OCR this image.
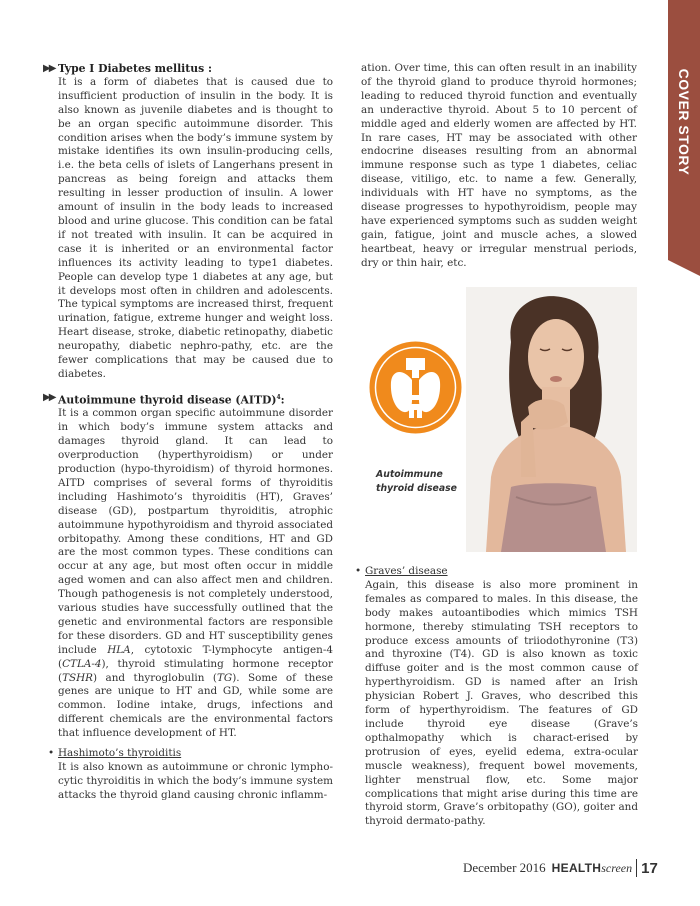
COVER STORY

▶▶ Type I Diabetes mellitus :

It is a form of diabetes that is caused due to insufficient production of insulin in the body. It is also known as juvenile diabetes and is thought to be an organ specific autoimmune disorder. This condition arises when the body’s immune system by mistake identifies its own insulin-producing cells, i.e. the beta cells of islets of Langerhans present in pancreas as being foreign and attacks them resulting in lesser production of insulin. A lower amount of insulin in the body leads to increased blood and urine glucose. This condition can be fatal if not treated with insulin. It can be acquired in case it is inherited or an environmental factor influences its activity leading to type1 diabetes. People can develop type 1 diabetes at any age, but it develops most often in children and adolescents. The typical symptoms are increased thirst, frequent urination, fatigue, extreme hunger and weight loss. Heart disease, stroke, diabetic retinopathy, diabetic neuropathy, diabetic nephro-pathy, etc. are the fewer complications that may be caused due to diabetes.

▶▶ Autoimmune thyroid disease (AITD)$^4$:

It is a common organ specific autoimmune disorder in which body’s immune system attacks and damages thyroid gland. It can lead to overproduction (hyperthyroidism) or under production (hypo-thyroidism) of thyroid hormones. AITD comprises of several forms of thyroiditis including Hashimoto’s thyroiditis (HT), Graves’ disease (GD), postpartum thyroiditis, atrophic autoimmune hypothyroidism and thyroid associated orbitopathy. Among these conditions, HT and GD are the most common types. These conditions can occur at any age, but most often occur in middle aged women and can also affect men and children. Though pathogenesis is not completely understood, various studies have successfully outlined that the genetic and environmental factors are responsible for these disorders. GD and HT susceptibility genes include HLA, cytotoxic T-lymphocyte antigen-4 (CTLA-4), thyroid stimulating hormone receptor (TSHR) and thyroglobulin (TG). Some of these genes are unique to HT and GD, while some are common. Iodine intake, drugs, infections and different chemicals are the environmental factors that influence development of HT.

• Hashimoto’s thyroiditis

It is also known as autoimmune or chronic lympho-cytic thyroiditis in which the body’s immune system attacks the thyroid gland causing chronic inflamm-

ation. Over time, this can often result in an inability of the thyroid gland to produce thyroid hormones; leading to reduced thyroid function and eventually an underactive thyroid. About 5 to 10 percent of middle aged and elderly women are affected by HT. In rare cases, HT may be associated with other endocrine diseases resulting from an abnormal immune response such as type 1 diabetes, celiac disease, vitiligo, etc. to name a few. Generally, individuals with HT have no symptoms, as the disease progresses to hypothyroidism, people may have experienced symptoms such as sudden weight gain, fatigue, joint and muscle aches, a slowed heartbeat, heavy or irregular menstrual periods, dry or thin hair, etc.

Autoimmune
thyroid disease

• Graves’ disease

Again, this disease is also more prominent in females as compared to males. In this disease, the body makes autoantibodies which mimics TSH hormone, thereby stimulating TSH receptors to produce excess amounts of triiodothyronine (T3) and thyroxine (T4). GD is also known as toxic diffuse goiter and is the most common cause of hyperthyroidism. GD is named after an Irish physician Robert J. Graves, who described this form of hyperthyroidism. The features of GD include thyroid eye disease (Grave’s opthalmopathy which is charact-erised by protrusion of eyes, eyelid edema, extra-ocular muscle weakness), frequent bowel movements, lighter menstrual flow, etc. Some major complications that might arise during this time are thyroid storm, Grave’s orbitopathy (GO), goiter and thyroid dermato-pathy.

December 2016 HEALTH screen 17
